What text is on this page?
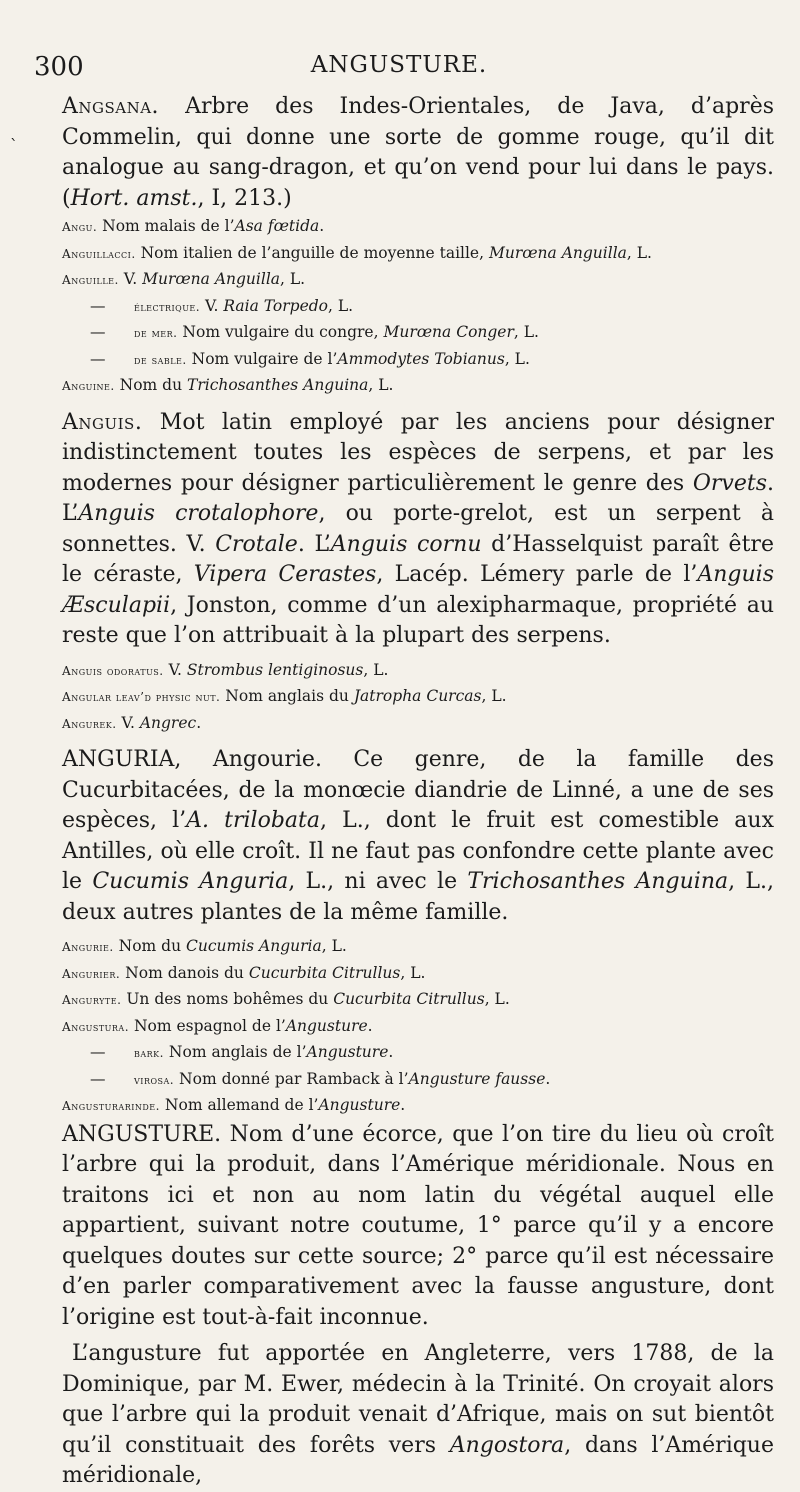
300	ANGUSTURE.
`

Angsana. Arbre des Indes-Orientales, de Java, d’après Commelin, qui donne une sorte de gomme rouge, qu’il dit analogue au sang-dragon, et qu’on vend pour lui dans le pays. (Hort. amst., I, 213.)

Angu. Nom malais de l’Asa fœtida.
Anguillacci. Nom italien de l’anguille de moyenne taille, Murœna Anguilla, L.
Anguille. V. Murœna Anguilla, L.
— électrique. V. Raia Torpedo, L.
— de mer. Nom vulgaire du congre, Murœna Conger, L.
— de sable. Nom vulgaire de l’Ammodytes Tobianus, L.
Anguine. Nom du Trichosanthes Anguina, L.

Anguis. Mot latin employé par les anciens pour désigner indistinctement toutes les espèces de serpens, et par les modernes pour désigner particulièrement le genre des Orvets. L’Anguis crotalophore, ou porte-grelot, est un serpent à sonnettes. V. Crotale. L’Anguis cornu d’Hasselquist paraît être le céraste, Vipera Cerastes, Lacép. Lémery parle de l’Anguis Æsculapii, Jonston, comme d’un alexipharmaque, propriété au reste que l’on attribuait à la plupart des serpens.

Anguis odoratus. V. Strombus lentiginosus, L.
Angular leav’d physic nut. Nom anglais du Jatropha Curcas, L.
Angurek. V. Angrec.

ANGURIA, Angourie. Ce genre, de la famille des Cucurbitacées, de la monœcie diandrie de Linné, a une de ses espèces, l’A. trilobata, L., dont le fruit est comestible aux Antilles, où elle croît. Il ne faut pas confondre cette plante avec le Cucumis Anguria, L., ni avec le Trichosanthes Anguina, L., deux autres plantes de la même famille.

Angurie. Nom du Cucumis Anguria, L.
Angurier. Nom danois du Cucurbita Citrullus, L.
Anguryte. Un des noms bohêmes du Cucurbita Citrullus, L.
Angustura. Nom espagnol de l’Angusture.
— bark. Nom anglais de l’Angusture.
— virosa. Nom donné par Ramback à l’Angusture fausse.
Angusturarinde. Nom allemand de l’Angusture.

ANGUSTURE. Nom d’une écorce, que l’on tire du lieu où croît l’arbre qui la produit, dans l’Amérique méridionale. Nous en traitons ici et non au nom latin du végétal auquel elle appartient, suivant notre coutume, 1° parce qu’il y a encore quelques doutes sur cette source; 2° parce qu’il est nécessaire d’en parler comparativement avec la fausse angusture, dont l’origine est tout-à-fait inconnue.

L’angusture fut apportée en Angleterre, vers 1788, de la Dominique, par M. Ewer, médecin à la Trinité. On croyait alors que l’arbre qui la produit venait d’Afrique, mais on sut bientôt qu’il constituait des forêts vers Angostora, dans l’Amérique méridionale,
